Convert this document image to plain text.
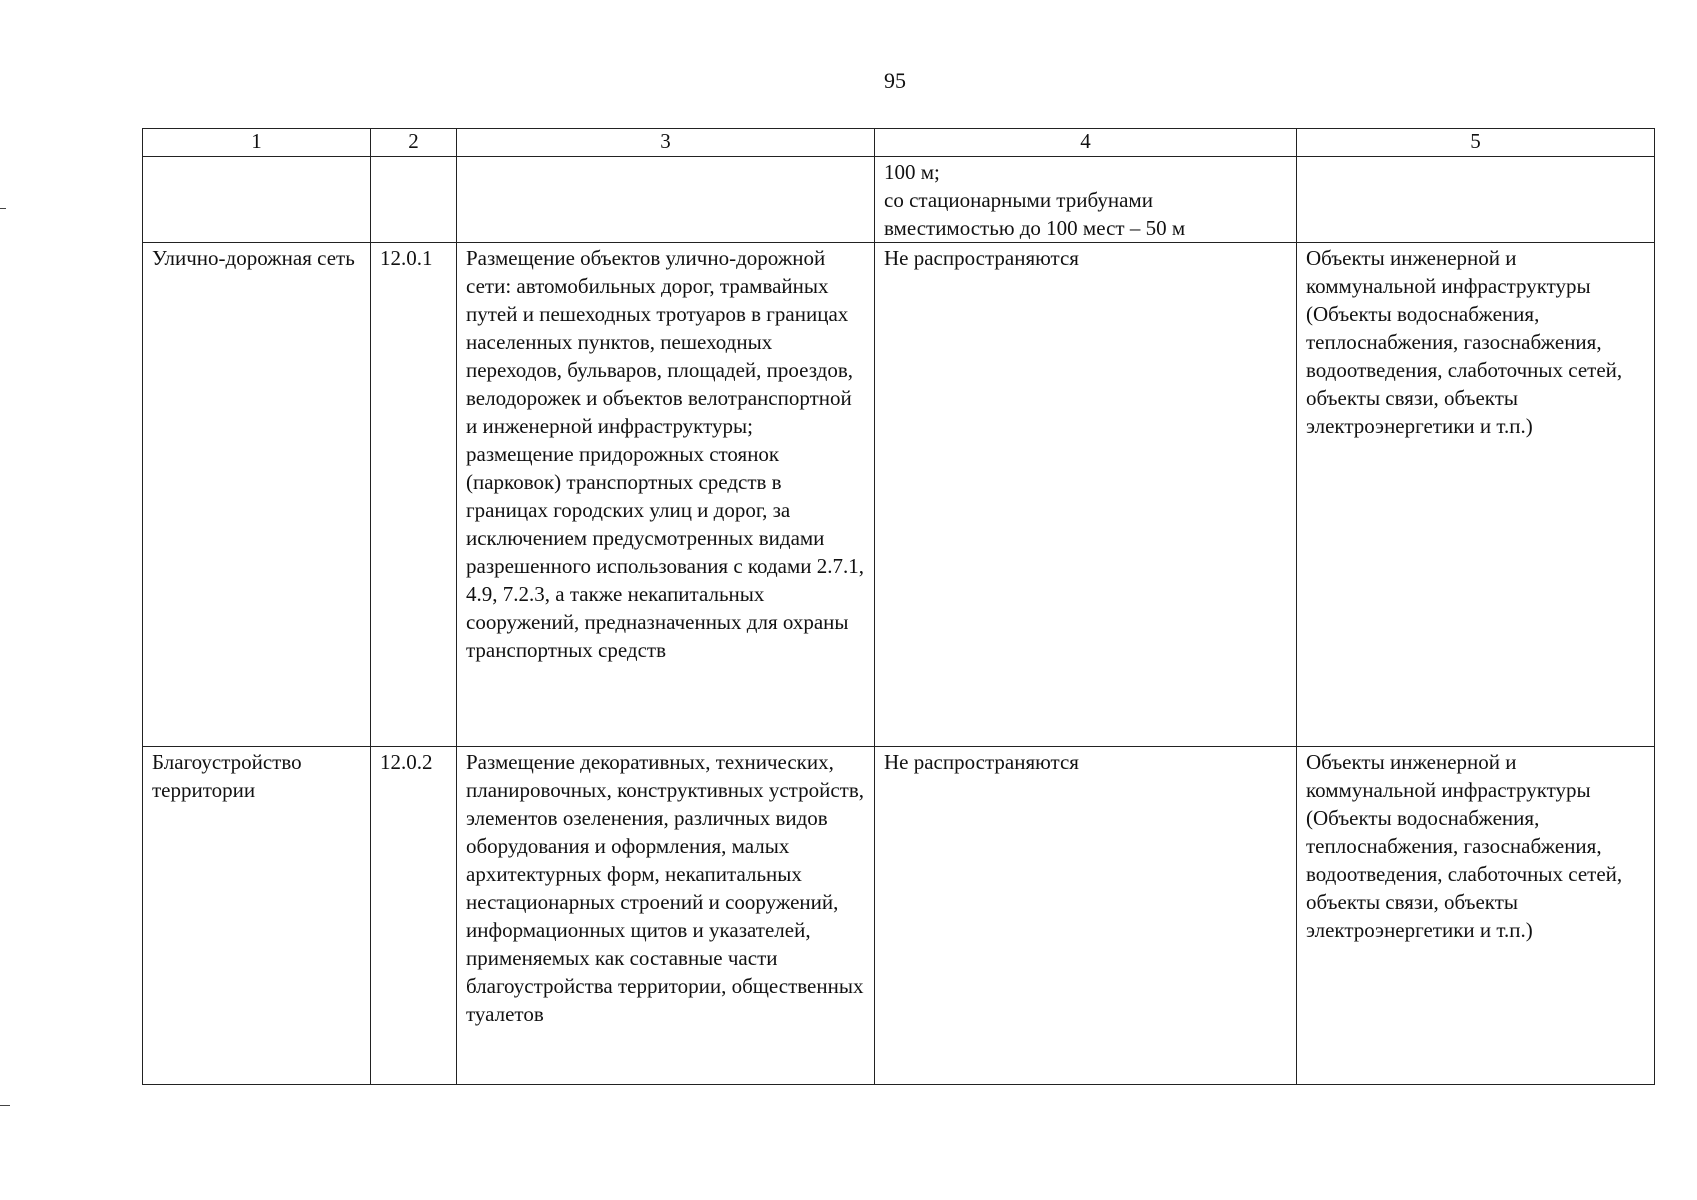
95
1	2	3	4	5
			100 м;
со стационарными трибунами вместимостью до 100 мест – 50 м	
Улично-дорожная сеть	12.0.1	Размещение объектов улично-дорожной сети: автомобильных дорог, трамвайных путей и пешеходных тротуаров в границах населенных пунктов, пешеходных переходов, бульваров, площадей, проездов, велодорожек и объектов велотранспортной и инженерной инфраструктуры;
размещение придорожных стоянок (парковок) транспортных средств в границах городских улиц и дорог, за исключением предусмотренных видами разрешенного использования с кодами 2.7.1, 4.9, 7.2.3, а также некапитальных сооружений, предназначенных для охраны транспортных средств	Не распространяются	Объекты инженерной и коммунальной инфраструктуры (Объекты водоснабжения, теплоснабжения, газоснабжения, водоотведения, слаботочных сетей, объекты связи, объекты электроэнергетики и т.п.)
Благоустройство территории	12.0.2	Размещение декоративных, технических, планировочных, конструктивных устройств, элементов озеленения, различных видов оборудования и оформления, малых архитектурных форм, некапитальных нестационарных строений и сооружений, информационных щитов и указателей, применяемых как составные части благоустройства территории, общественных туалетов	Не распространяются	Объекты инженерной и коммунальной инфраструктуры (Объекты водоснабжения, теплоснабжения, газоснабжения, водоотведения, слаботочных сетей, объекты связи, объекты электроэнергетики и т.п.)
